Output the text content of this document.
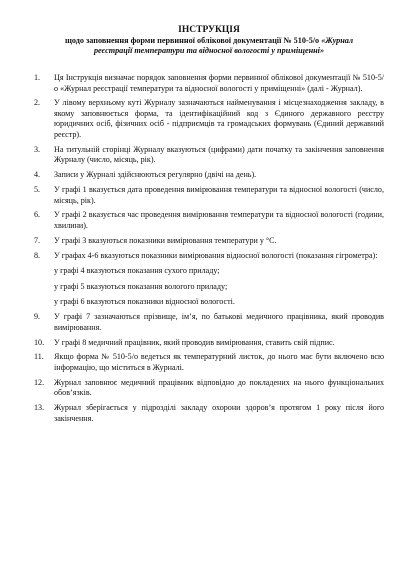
ІНСТРУКЦІЯ

щодо заповнення форми первинної облікової документації № 510-5/о «Журнал
реєстрації температури та відносної вологості у приміщенні»

1.	Ця Інструкція визначає порядок заповнення форми первинної облікової документації № 510-5/о «Журнал реєстрації температури та відносної вологості у приміщенні» (далі - Журнал).
2.	У лівому верхньому куті Журналу зазначаються найменування і місцезнаходження закладу, в якому заповнюється форма, та ідентифікаційний код з Єдиного державного реєстру юридичних осіб, фізичних осіб - підприємців та громадських формувань (Єдиний державний реєстр).
3.	На титульній сторінці Журналу вказуються (цифрами) дати початку та закінчення заповнення Журналу (число, місяць, рік).
4.	Записи у Журналі здійснюються регулярно (двічі на день).
5.	У графі 1 вказується дата проведення вимірювання температури та відносної вологості (число, місяць, рік).
6.	У графі 2 вказується час проведення вимірювання температури та відносної вологості (години, хвилини).
7.	У графі 3 вказуються показники вимірювання температури у °С.
8.	У графах 4-6 вказуються показники вимірювання відносної вологості (показання гігрометра):
у графі 4 вказуються показання сухого приладу;
у графі 5 вказуються показання вологого приладу;
у графі 6 вказуються показники відносної вологості.
9.	У графі 7 зазначаються прізвище, ім’я, по батькові медичного працівника, який проводив вимірювання.
10.	У графі 8 медичний працівник, який проводив вимірювання, ставить свій підпис.
11.	Якщо форма № 510-5/о ведеться як температурний листок, до нього має бути включено всю інформацію, що міститься в Журналі.
12.	Журнал заповнює медичний працівник відповідно до покладених на нього функціональних обов’язків.
13.	Журнал зберігається у підрозділі закладу охорони здоров’я протягом 1 року після його закінчення.
